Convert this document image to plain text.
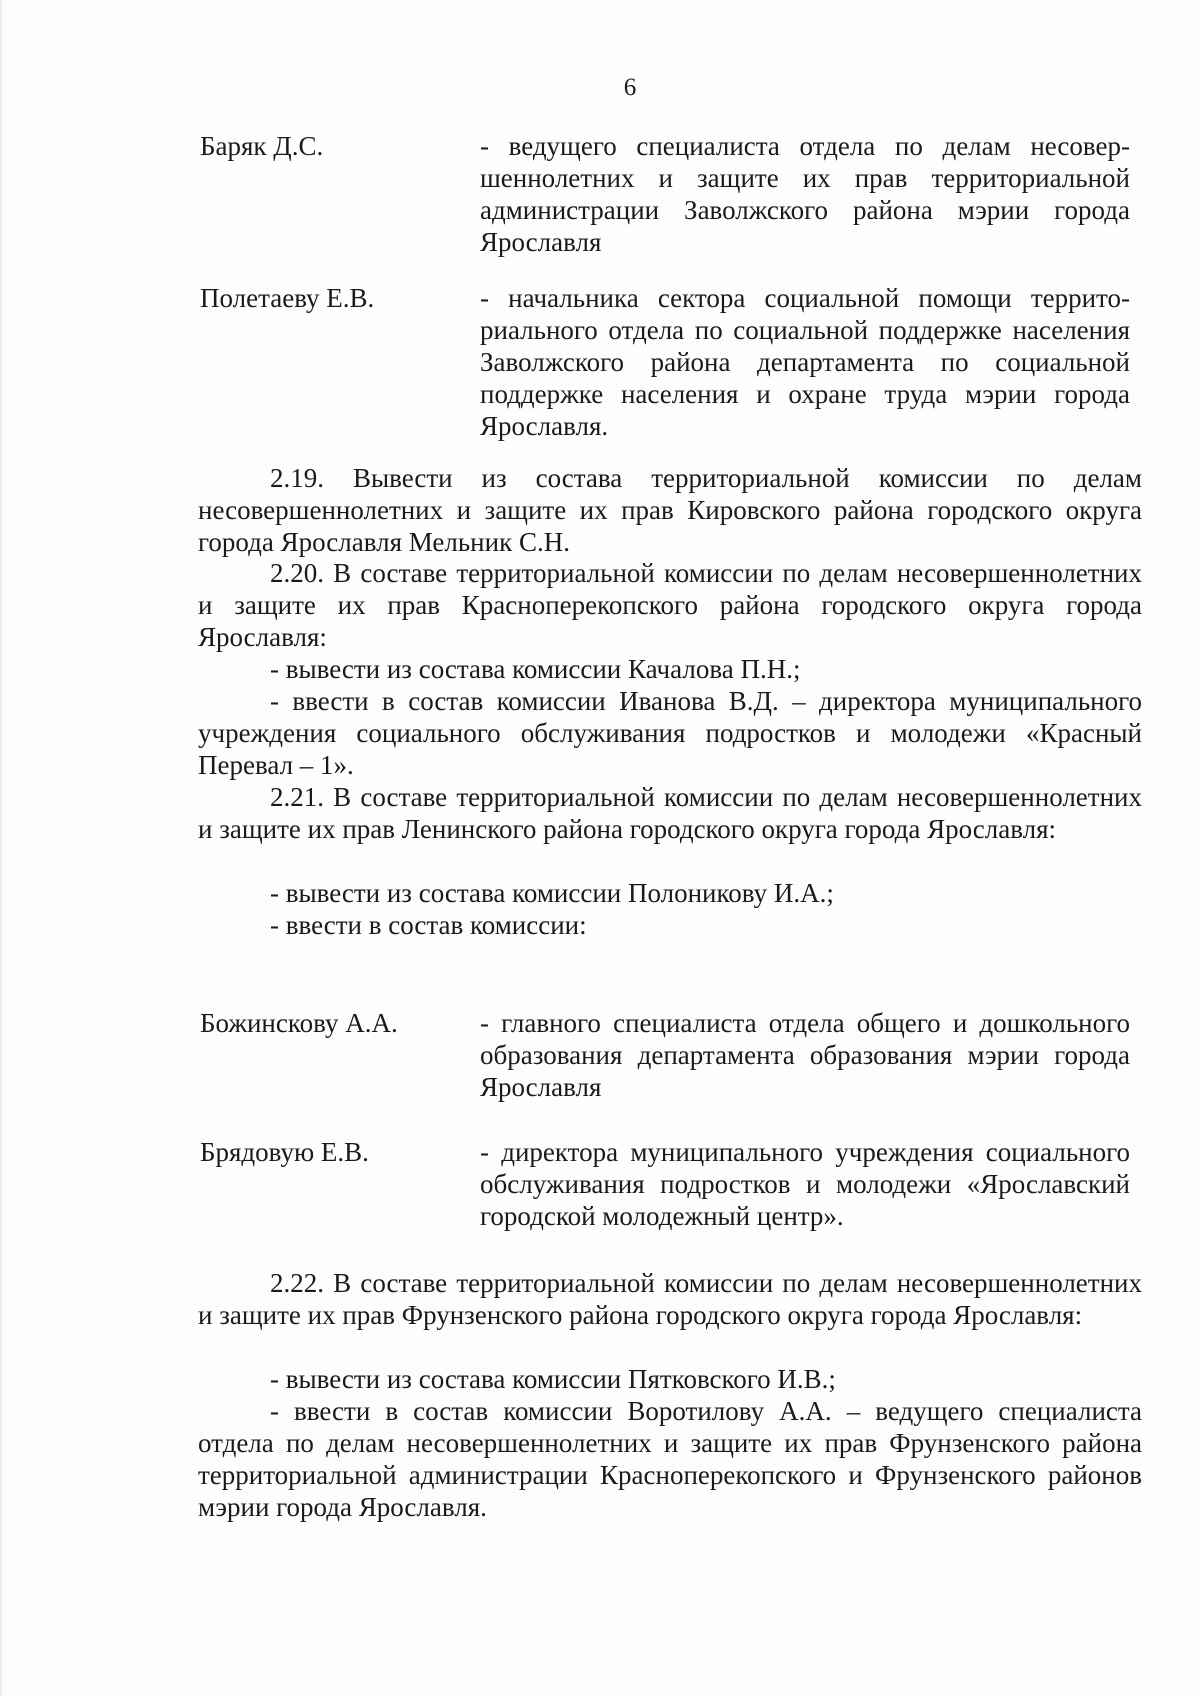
6
Баряк Д.С.	- ведущего специалиста отдела по делам несовершеннолетних и защите их прав территориальной администрации Заволжского района мэрии города Ярославля
Полетаеву Е.В.	- начальника сектора социальной помощи территориального отдела по социальной поддержке населения Заволжского района департамента по социальной поддержке населения и охране труда мэрии города Ярославля.

2.19. Вывести из состава территориальной комиссии по делам несовершеннолетних и защите их прав Кировского района городского округа города Ярославля Мельник С.Н.

2.20. В составе территориальной комиссии по делам несовершеннолетних и защите их прав Красноперекопского района городского округа города Ярославля:

- вывести из состава комиссии Качалова П.Н.;

- ввести в состав комиссии Иванова В.Д. – директора муниципального учреждения социального обслуживания подростков и молодежи «Красный Перевал – 1».

2.21. В составе территориальной комиссии по делам несовершеннолетних и защите их прав Ленинского района городского округа города Ярославля:

- вывести из состава комиссии Полоникову И.А.;

- ввести в состав комиссии:

Божинскову А.А.	- главного специалиста отдела общего и дошкольного образования департамента образования мэрии города Ярославля
Брядовую Е.В.	- директора муниципального учреждения социального обслуживания подростков и молодежи «Ярославский городской молодежный центр».

2.22. В составе территориальной комиссии по делам несовершеннолетних и защите их прав Фрунзенского района городского округа города Ярославля:

- вывести из состава комиссии Пятковского И.В.;

- ввести в состав комиссии Воротилову А.А. – ведущего специалиста отдела по делам несовершеннолетних и защите их прав Фрунзенского района территориальной администрации Красноперекопского и Фрунзенского районов мэрии города Ярославля.
